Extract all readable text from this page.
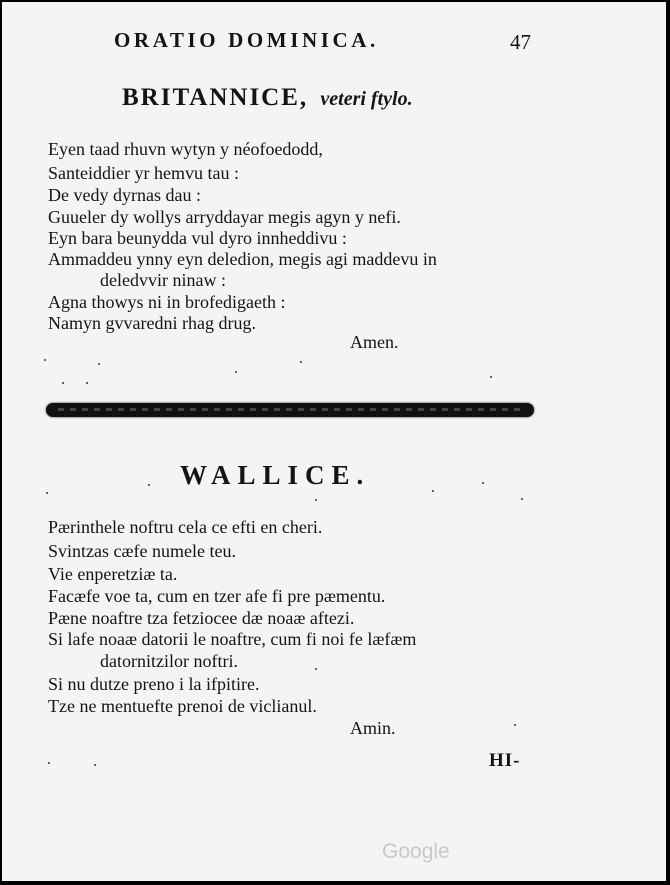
ORATIO DOMINICA.	47
BRITANNICE, veteri ftylo.
Eyen taad rhuvn wytyn y néofoedodd,
Santeiddier yr hemvu tau :
De vedy dyrnas dau :
Guueler dy wollys arryddayar megis agyn y nefi.
Eyn bara beunydda vul dyro innheddivu :
Ammaddeu ynny eyn deledion, megis agi maddevu in
deledvvir ninaw :
Agna thowys ni in brofedigaeth :
Namyn gvvaredni rhag drug.
Amen.
WALLICE.
Pærinthele noftru cela ce efti en cheri.
Svintzas cæfe numele teu.
Vie enperetziæ ta.
Facæfe voe ta, cum en tzer afe fi pre pæmentu.
Pæne noaftre tza fetziocee dæ noaæ aftezi.
Si lafe noaæ datorii le noaftre, cum fi noi fe læfæm
datornitzilor noftri.
Si nu dutze preno i la ifpitire.
Tze ne mentuefte prenoi de viclianul.
Amin.
HI-
Google
